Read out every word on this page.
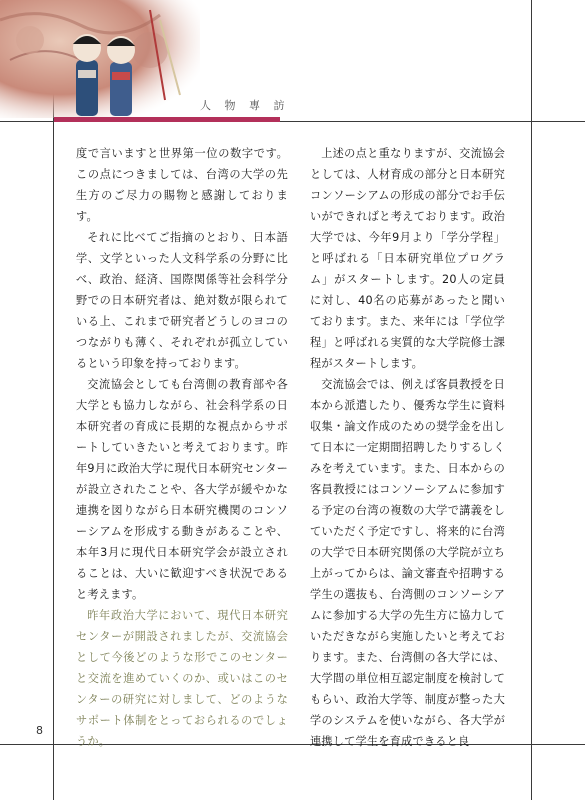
人 物 專 訪

度で言いますと世界第一位の数字です。この点につきましては、台湾の大学の先生方のご尽力の賜物と感謝しております。

それに比べてご指摘のとおり、日本語学、文学といった人文科学系の分野に比べ、政治、経済、国際関係等社会科学分野での日本研究者は、絶対数が限られている上、これまで研究者どうしのヨコのつながりも薄く、それぞれが孤立しているという印象を持っております。

交流協会としても台湾側の教育部や各大学とも協力しながら、社会科学系の日本研究者の育成に長期的な視点からサポートしていきたいと考えております。昨年9月に政治大学に現代日本研究センターが設立されたことや、各大学が緩やかな連携を図りながら日本研究機関のコンソーシアムを形成する動きがあることや、本年3月に現代日本研究学会が設立されることは、大いに歓迎すべき状況であると考えます。

昨年政治大学において、現代日本研究センターが開設されましたが、交流協会として今後どのような形でこのセンターと交流を進めていくのか、或いはこのセンターの研究に対しまして、どのようなサポート体制をとっておられるのでしょうか。

上述の点と重なりますが、交流協会としては、人材育成の部分と日本研究コンソーシアムの形成の部分でお手伝いができればと考えております。政治大学では、今年9月より「学分学程」と呼ばれる「日本研究単位プログラム」がスタートします。20人の定員に対し、40名の応募があったと聞いております。また、来年には「学位学程」と呼ばれる実質的な大学院修士課程がスタートします。

交流協会では、例えば客員教授を日本から派遣したり、優秀な学生に資料収集・論文作成のための奨学金を出して日本に一定期間招聘したりするしくみを考えています。また、日本からの客員教授にはコンソーシアムに参加する予定の台湾の複数の大学で講義をしていただく予定ですし、将来的に台湾の大学で日本研究関係の大学院が立ち上がってからは、論文審査や招聘する学生の選抜も、台湾側のコンソーシアムに参加する大学の先生方に協力していただきながら実施したいと考えております。また、台湾側の各大学には、大学間の単位相互認定制度を検討してもらい、政治大学等、制度が整った大学のシステムを使いながら、各大学が連携して学生を育成できると良

8
